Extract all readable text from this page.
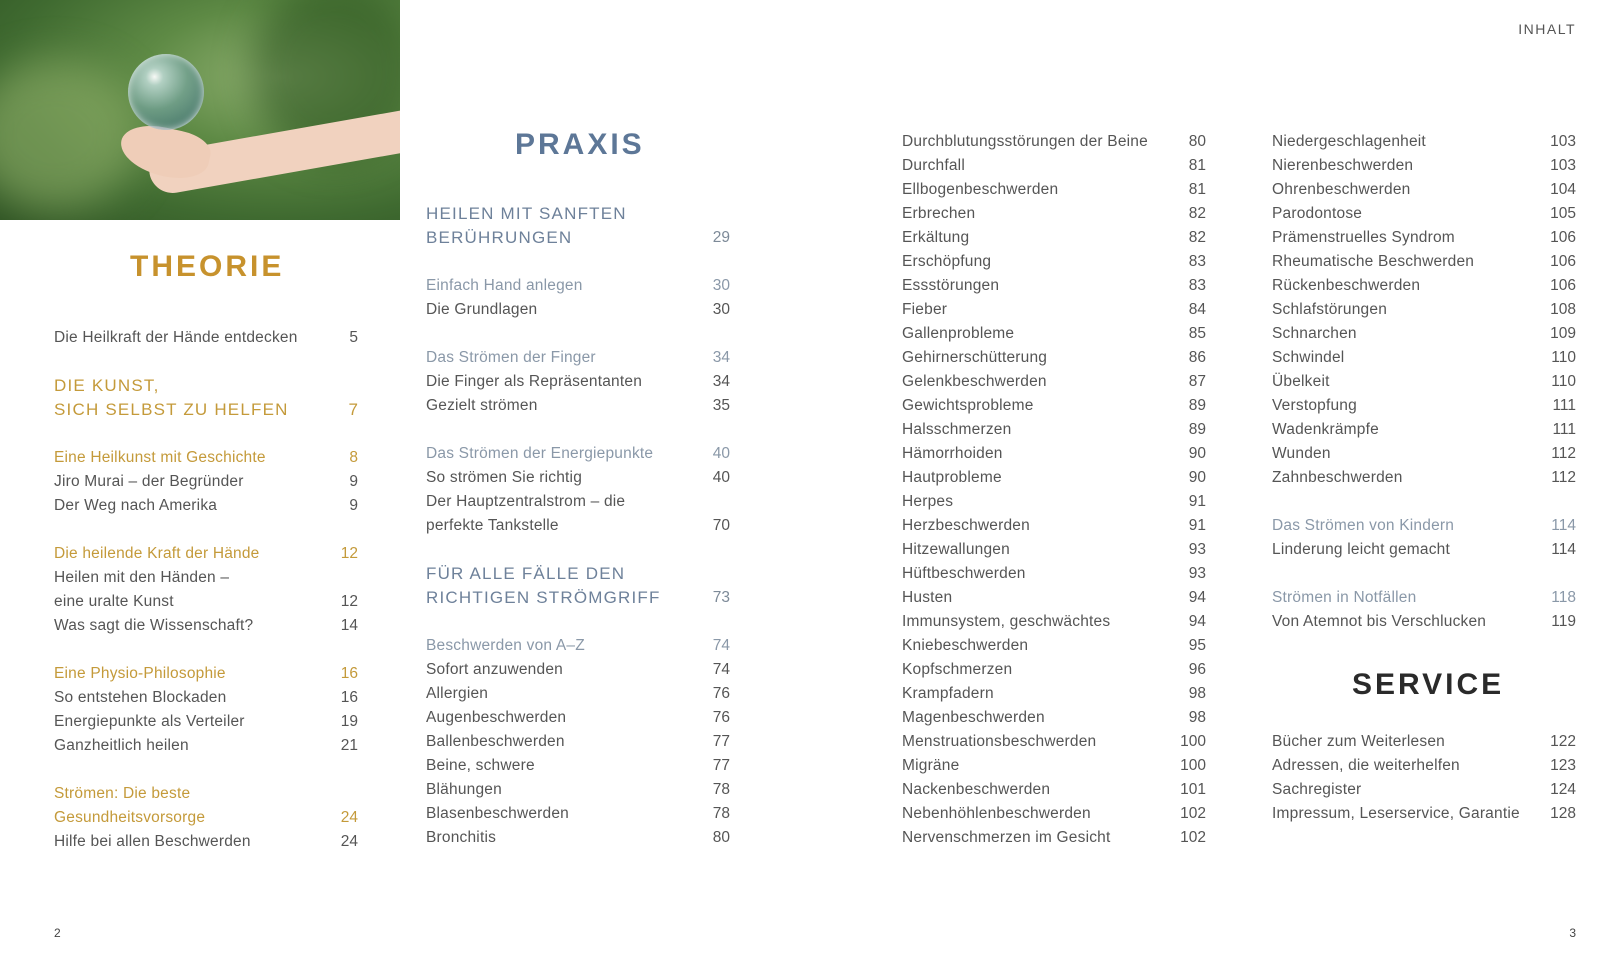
INHALT
THEORIE
Die Heilkraft der Hände entdecken	5
DIE KUNST,
SICH SELBST ZU HELFEN	7
Eine Heilkunst mit Geschichte	8
Jiro Murai – der Begründer	9
Der Weg nach Amerika	9
Die heilende Kraft der Hände	12
Heilen mit den Händen –
eine uralte Kunst	12
Was sagt die Wissenschaft?	14
Eine Physio-Philosophie	16
So entstehen Blockaden	16
Energiepunkte als Verteiler	19
Ganzheitlich heilen	21
Strömen: Die beste
Gesundheitsvorsorge	24
Hilfe bei allen Beschwerden	24
PRAXIS
HEILEN MIT SANFTEN
BERÜHRUNGEN	29
Einfach Hand anlegen	30
Die Grundlagen	30
Das Strömen der Finger	34
Die Finger als Repräsentanten	34
Gezielt strömen	35
Das Strömen der Energiepunkte	40
So strömen Sie richtig	40
Der Hauptzentralstrom – die
perfekte Tankstelle	70
FÜR ALLE FÄLLE DEN
RICHTIGEN STRÖMGRIFF	73
Beschwerden von A–Z	74
Sofort anzuwenden	74
Allergien	76
Augenbeschwerden	76
Ballenbeschwerden	77
Beine, schwere	77
Blähungen	78
Blasenbeschwerden	78
Bronchitis	80
Durchblutungsstörungen der Beine	80
Durchfall	81
Ellbogenbeschwerden	81
Erbrechen	82
Erkältung	82
Erschöpfung	83
Essstörungen	83
Fieber	84
Gallenprobleme	85
Gehirnerschütterung	86
Gelenkbeschwerden	87
Gewichtsprobleme	89
Halsschmerzen	89
Hämorrhoiden	90
Hautprobleme	90
Herpes	91
Herzbeschwerden	91
Hitzewallungen	93
Hüftbeschwerden	93
Husten	94
Immunsystem, geschwächtes	94
Kniebeschwerden	95
Kopfschmerzen	96
Krampfadern	98
Magenbeschwerden	98
Menstruationsbeschwerden	100
Migräne	100
Nackenbeschwerden	101
Nebenhöhlenbeschwerden	102
Nervenschmerzen im Gesicht	102
Niedergeschlagenheit	103
Nierenbeschwerden	103
Ohrenbeschwerden	104
Parodontose	105
Prämenstruelles Syndrom	106
Rheumatische Beschwerden	106
Rückenbeschwerden	106
Schlafstörungen	108
Schnarchen	109
Schwindel	110
Übelkeit	110
Verstopfung	111
Wadenkrämpfe	111
Wunden	112
Zahnbeschwerden	112
Das Strömen von Kindern	114
Linderung leicht gemacht	114
Strömen in Notfällen	118
Von Atemnot bis Verschlucken	119
SERVICE
Bücher zum Weiterlesen	122
Adressen, die weiterhelfen	123
Sachregister	124
Impressum, Leserservice, Garantie 128
2	3
